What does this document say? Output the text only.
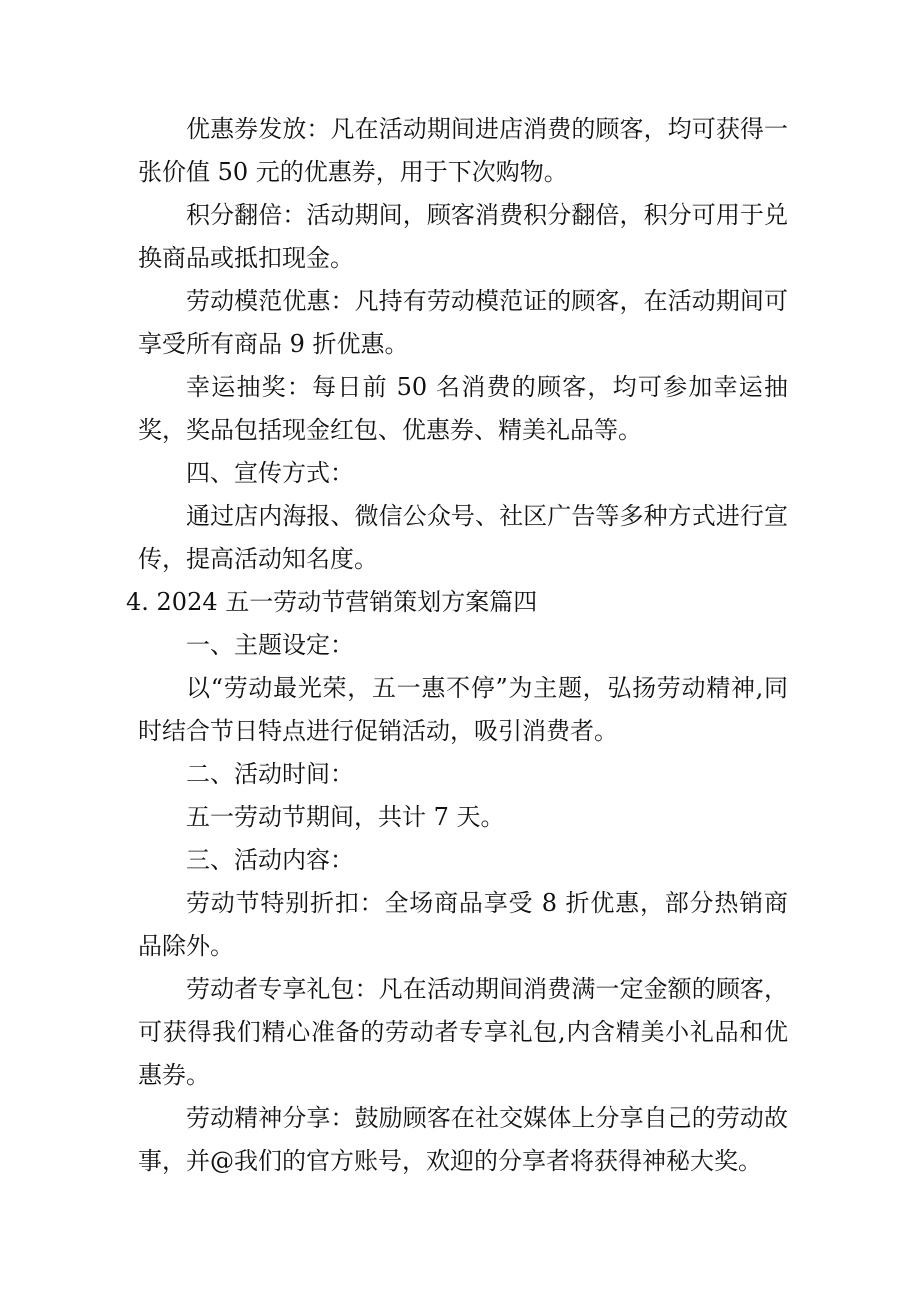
优惠券发放：凡在活动期间进店消费的顾客，均可获得一张价值 50 元的优惠券，用于下次购物。

积分翻倍：活动期间，顾客消费积分翻倍，积分可用于兑换商品或抵扣现金。

劳动模范优惠：凡持有劳动模范证的顾客，在活动期间可享受所有商品 9 折优惠。

幸运抽奖：每日前 50 名消费的顾客，均可参加幸运抽奖，奖品包括现金红包、优惠券、精美礼品等。

四、宣传方式：

通过店内海报、微信公众号、社区广告等多种方式进行宣传，提高活动知名度。

4. 2024 五一劳动节营销策划方案篇四

一、主题设定：

以“劳动最光荣，五一惠不停”为主题，弘扬劳动精神,同时结合节日特点进行促销活动，吸引消费者。

二、活动时间：

五一劳动节期间，共计 7 天。

三、活动内容：

劳动节特别折扣：全场商品享受 8 折优惠，部分热销商品除外。

劳动者专享礼包：凡在活动期间消费满一定金额的顾客，可获得我们精心准备的劳动者专享礼包,内含精美小礼品和优惠券。

劳动精神分享：鼓励顾客在社交媒体上分享自己的劳动故事，并@我们的官方账号，欢迎的分享者将获得神秘大奖。
